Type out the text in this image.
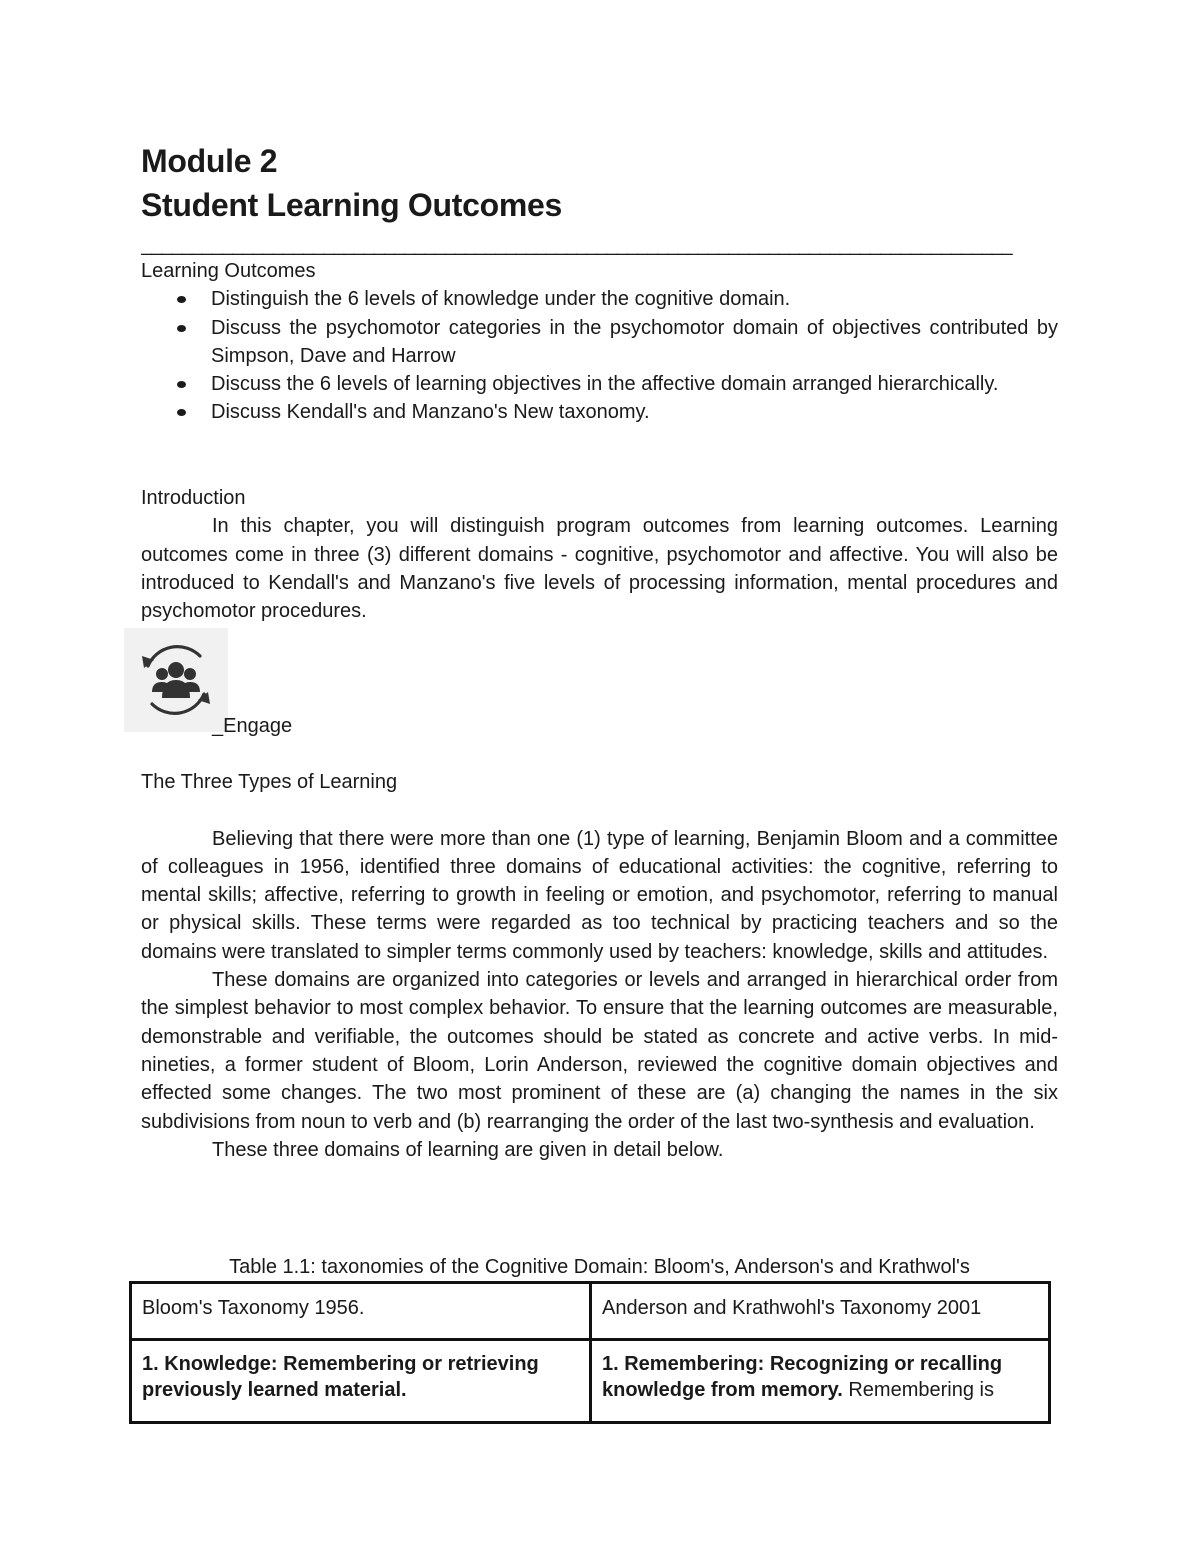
Module 2
Student Learning Outcomes
______________________________________________________________________________________

Learning Outcomes

Distinguish the 6 levels of knowledge under the cognitive domain.
Discuss the psychomotor categories in the psychomotor domain of objectives contributed by Simpson, Dave and Harrow
Discuss the 6 levels of learning objectives in the affective domain arranged hierarchically.
Discuss Kendall's and Manzano's New taxonomy.

Introduction

In this chapter, you will distinguish program outcomes from learning outcomes. Learning outcomes come in three (3) different domains - cognitive, psychomotor and affective. You will also be introduced to Kendall's and Manzano's five levels of processing information, mental procedures and psychomotor procedures.

_Engage

The Three Types of Learning

Believing that there were more than one (1) type of learning, Benjamin Bloom and a committee of colleagues in 1956, identified three domains of educational activities: the cognitive, referring to mental skills; affective, referring to growth in feeling or emotion, and psychomotor, referring to manual or physical skills. These terms were regarded as too technical by practicing teachers and so the domains were translated to simpler terms commonly used by teachers: knowledge, skills and attitudes.

These domains are organized into categories or levels and arranged in hierarchical order from the simplest behavior to most complex behavior. To ensure that the learning outcomes are measurable, demonstrable and verifiable, the outcomes should be stated as concrete and active verbs. In mid-nineties, a former student of Bloom, Lorin Anderson, reviewed the cognitive domain objectives and effected some changes. The two most prominent of these are (a) changing the names in the six subdivisions from noun to verb and (b) rearranging the order of the last two-synthesis and evaluation.

These three domains of learning are given in detail below.

Table 1.1: taxonomies of the Cognitive Domain: Bloom's, Anderson's and Krathwol's
Bloom's Taxonomy 1956.	Anderson and Krathwohl's Taxonomy 2001
1. Knowledge: Remembering or retrieving previously learned material.	1. Remembering: Recognizing or recalling knowledge from memory. Remembering is
